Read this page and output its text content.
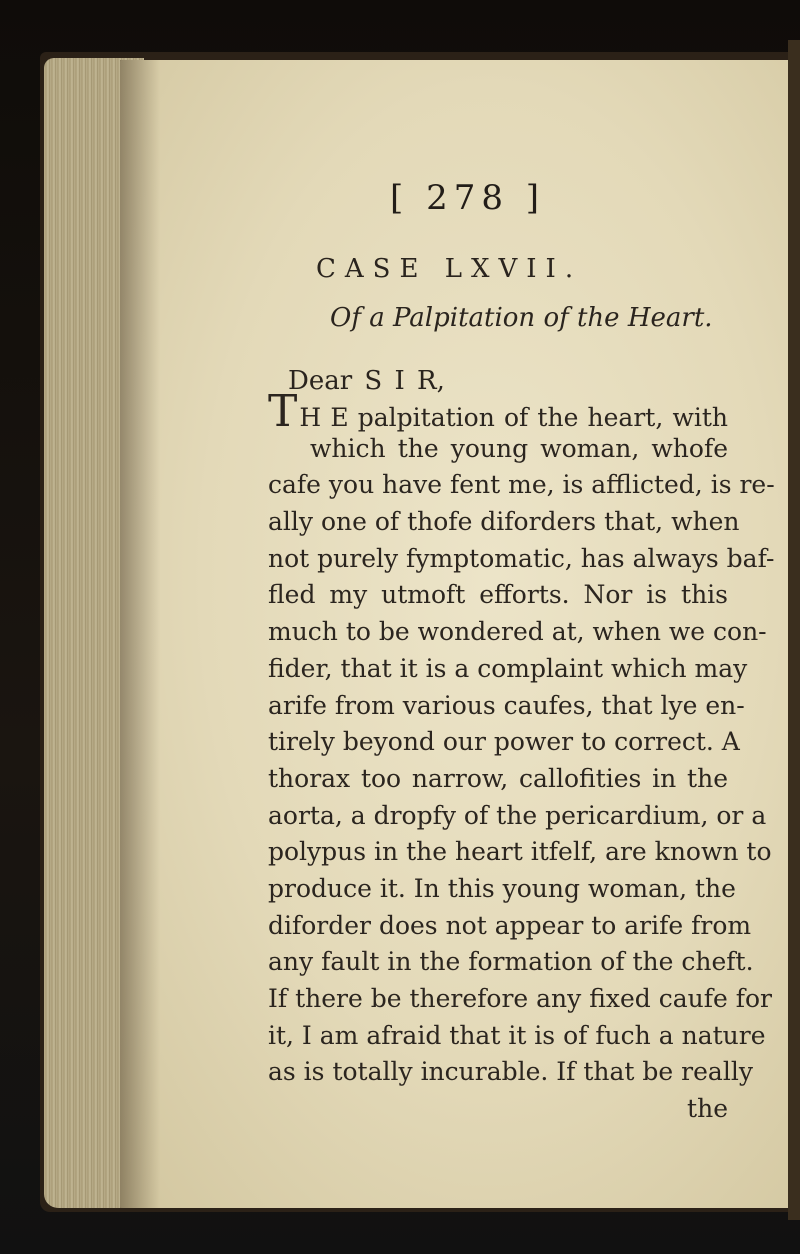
[ 278 ]
CASE LXVII.
Of a Palpitation of the Heart.
Dear S I R,
T H E palpitation of the heart, with
which the young woman, whofe
cafe you have fent me, is afflicted, is re-
ally one of thofe diforders that, when
not purely fymptomatic, has always baf-
fled my utmoft efforts. Nor is this
much to be wondered at, when we con-
fider, that it is a complaint which may
arife from various caufes, that lye en-
tirely beyond our power to correct. A
thorax too narrow, callofities in the
aorta, a dropfy of the pericardium, or a
polypus in the heart itfelf, are known to
produce it. In this young woman, the
diforder does not appear to arife from
any fault in the formation of the cheft.
If there be therefore any fixed caufe for
it, I am afraid that it is of fuch a nature
as is totally incurable. If that be really
the
